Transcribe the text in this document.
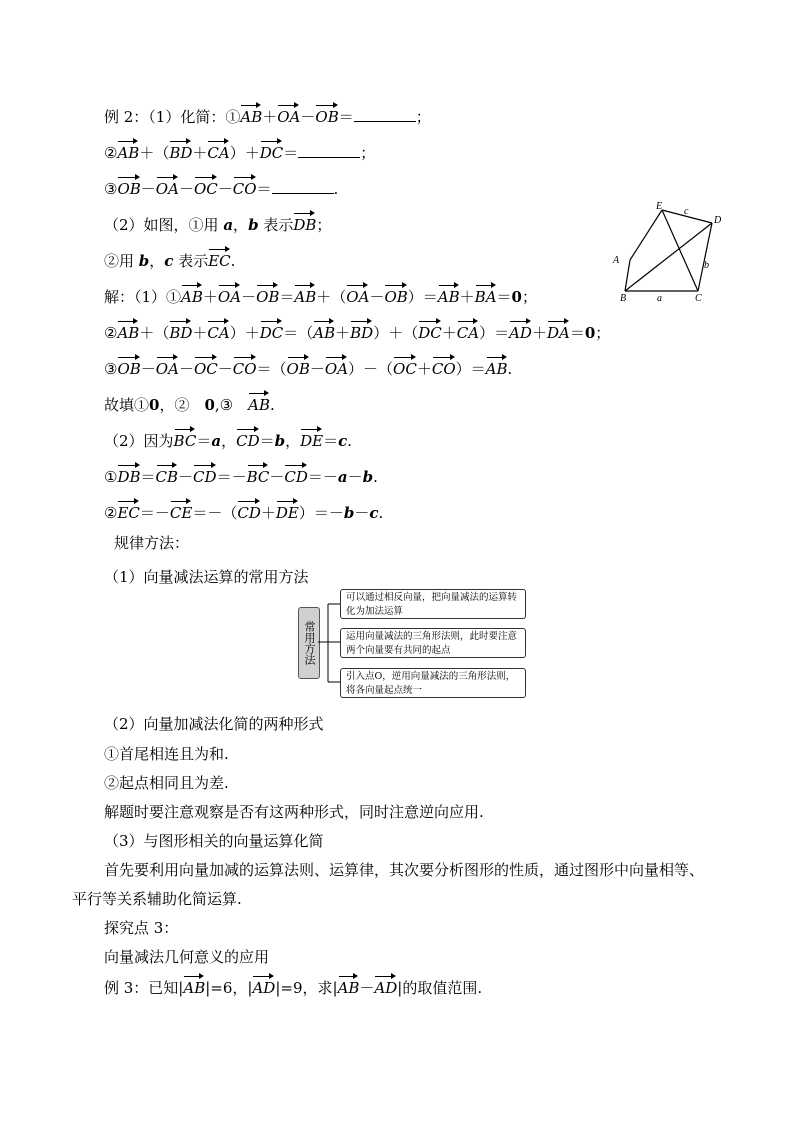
例 2：（1）化简：①AB＋OA－OB＝	；
②AB＋（BD＋CA）＋DC＝	；
③OB－OA－OC－CO＝	.
（2）如图，①用 a，b 表示DB；
②用 b，c 表示EC.
E c
D
A	b
B	a	C
解：（1）①AB＋OA－OB＝AB＋（OA－OB）＝AB＋BA＝0；
②AB＋（BD＋CA）＋DC＝（AB＋BD）＋（DC＋CA）＝AD＋DA＝0；
③OB－OA－OC－CO＝（OB－OA）－（OC＋CO）＝AB.
故填①0，②　0,③　AB.
（2）因为BC＝a，CD＝b，DE＝c.
①DB＝CB－CD＝－BC－CD＝－a－b.
②EC＝－CE＝－（CD＋DE）＝－b－c.
规律方法：
（1）向量减法运算的常用方法
常用方法
可以通过相反向量，把向量减法的运算转化为加法运算
运用向量减法的三角形法则，此时要注意两个向量要有共同的起点
引入点O，逆用向量减法的三角形法则，将各向量起点统一
（2）向量加减法化简的两种形式
①首尾相连且为和.
②起点相同且为差.
解题时要注意观察是否有这两种形式，同时注意逆向应用.
（3）与图形相关的向量运算化简
首先要利用向量加减的运算法则、运算律，其次要分析图形的性质，通过图形中向量相等、
平行等关系辅助化简运算.
探究点 3：
向量减法几何意义的应用
例 3：已知|AB|=6，|AD|=9，求|AB－AD|的取值范围.
